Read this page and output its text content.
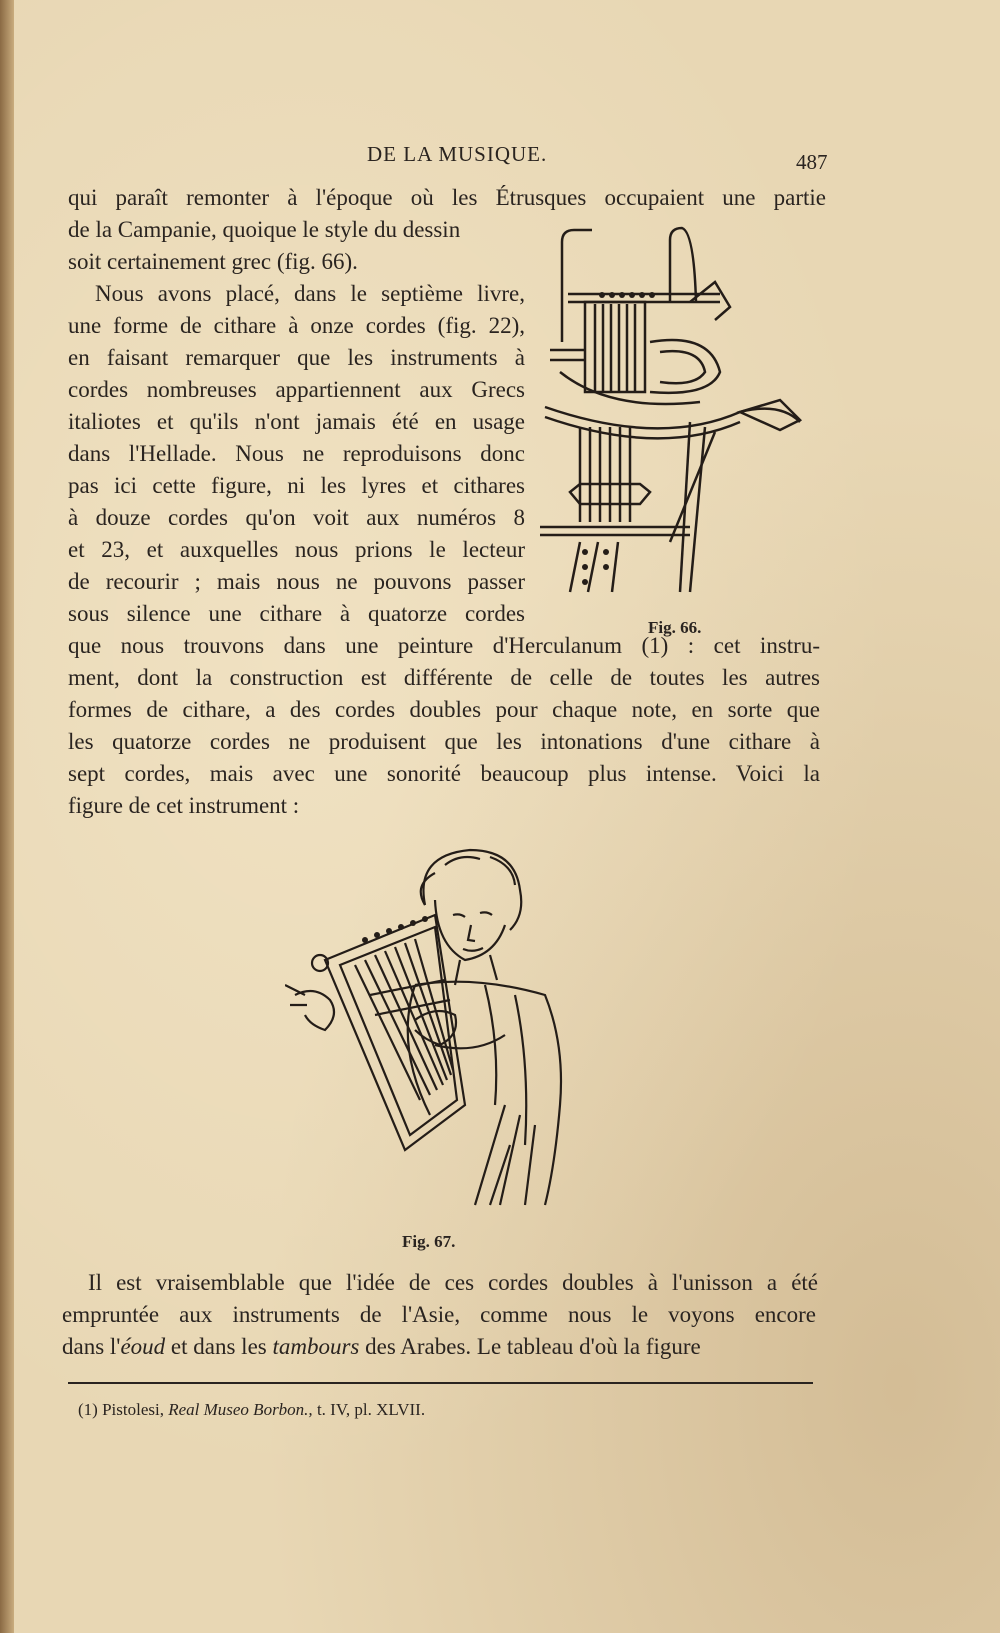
DE LA MUSIQUE.	487
qui paraît remonter à l'époque où les Étrusques occupaient une partie
de la Campanie, quoique le style du dessin
soit certainement grec (fig. 66).
Nous avons placé, dans le septième livre,
une forme de cithare à onze cordes (fig. 22),
en faisant remarquer que les instruments à
cordes nombreuses appartiennent aux Grecs
italiotes et qu'ils n'ont jamais été en usage
dans l'Hellade. Nous ne reproduisons donc
pas ici cette figure, ni les lyres et cithares
à douze cordes qu'on voit aux numéros 8
et 23, et auxquelles nous prions le lecteur
de recourir ; mais nous ne pouvons passer
sous silence une cithare à quatorze cordes
que nous trouvons dans une peinture d'Herculanum (1) : cet instru-
ment, dont la construction est différente de celle de toutes les autres
formes de cithare, a des cordes doubles pour chaque note, en sorte que
les quatorze cordes ne produisent que les intonations d'une cithare à
sept cordes, mais avec une sonorité beaucoup plus intense. Voici la
figure de cet instrument :
Fig. 66.
Fig. 67.
Il est vraisemblable que l'idée de ces cordes doubles à l'unisson a été
empruntée aux instruments de l'Asie, comme nous le voyons encore
dans l'éoud et dans les tambours des Arabes. Le tableau d'où la figure
(1) Pistolesi, Real Museo Borbon., t. IV, pl. XLVII.
